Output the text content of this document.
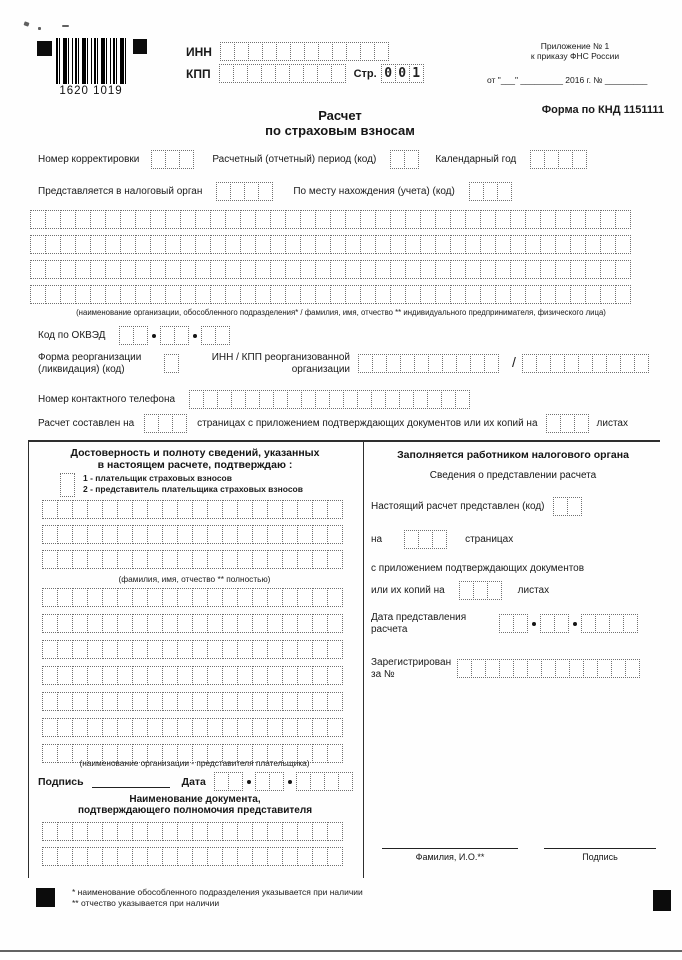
1620 1019
ИНН
КПП	Стр. 0 0 1
Приложение № 1
к приказу ФНС России
от "___" _________ 2016 г. № _________
Форма по КНД 1151111
Расчет
по страховым взносам
Номер корректировки	Расчетный (отчетный) период (код)	Календарный год
Представляется в налоговый орган	По месту нахождения (учета) (код)
(наименование организации, обособленного подразделения* / фамилия, имя, отчество ** индивидуального предпринимателя, физического лица)
Код по ОКВЭД
Форма реорганизации
(ликвидация) (код)
ИНН / КПП реорганизованной
организации	/
Номер контактного телефона
Расчет составлен на	страницах с приложением подтверждающих документов или их копий на	листах
Достоверность и полноту сведений, указанных
в настоящем расчете, подтверждаю :
1 - плательщик страховых взносов
2 - представитель плательщика страховых взносов
(фамилия, имя, отчество ** полностью)
(наименование организации - представителя плательщика)
Подпись	Дата
Наименование документа,
подтверждающего полномочия представителя
Заполняется работником налогового органа
Сведения о представлении расчета
Настоящий расчет представлен (код)
на	страницах
с приложением подтверждающих документов
или их копий на	листах
Дата представления
расчета
Зарегистрирован
за №
Фамилия, И.О.**	Подпись
* наименование обособленного подразделения указывается при наличии
** отчество указывается при наличии
